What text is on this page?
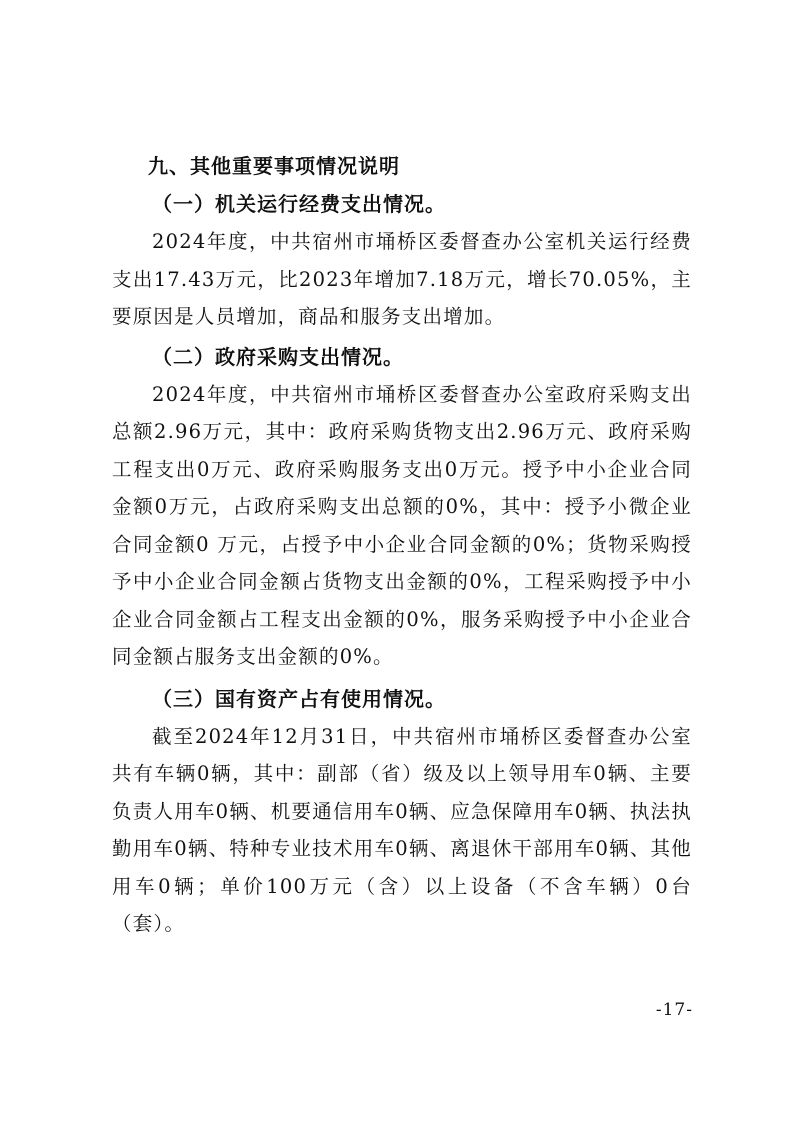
九、其他重要事项情况说明
（一）机关运行经费支出情况。

2024年度，中共宿州市埇桥区委督查办公室机关运行经费支出17.43万元，比2023年增加7.18万元，增长70.05%，主要原因是人员增加，商品和服务支出增加。

（二）政府采购支出情况。

2024年度，中共宿州市埇桥区委督查办公室政府采购支出总额2.96万元，其中：政府采购货物支出2.96万元、政府采购工程支出0万元、政府采购服务支出0万元。授予中小企业合同金额0万元，占政府采购支出总额的0%，其中：授予小微企业合同金额0 万元，占授予中小企业合同金额的0%；货物采购授予中小企业合同金额占货物支出金额的0%，工程采购授予中小企业合同金额占工程支出金额的0%，服务采购授予中小企业合同金额占服务支出金额的0%。

（三）国有资产占有使用情况。

截至2024年12月31日，中共宿州市埇桥区委督查办公室共有车辆0辆，其中：副部（省）级及以上领导用车0辆、主要负责人用车0辆、机要通信用车0辆、应急保障用车0辆、执法执勤用车0辆、特种专业技术用车0辆、离退休干部用车0辆、其他用车0辆；单价100万元（含）以上设备（不含车辆）0台（套）。

-17-
